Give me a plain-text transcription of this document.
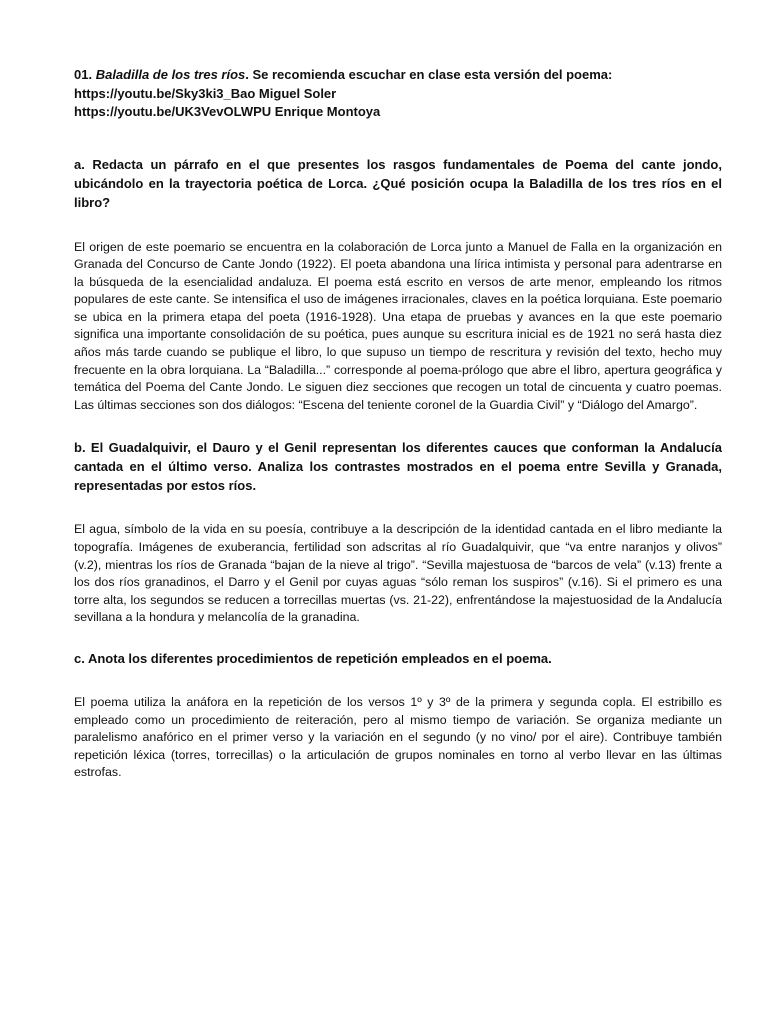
01. Baladilla de los tres ríos. Se recomienda escuchar en clase esta versión del poema:

https://youtu.be/Sky3ki3_Bao Miguel Soler

https://youtu.be/UK3VevOLWPU Enrique Montoya

a. Redacta un párrafo en el que presentes los rasgos fundamentales de Poema del cante jondo, ubicándolo en la trayectoria poética de Lorca. ¿Qué posición ocupa la Baladilla de los tres ríos en el libro?

El origen de este poemario se encuentra en la colaboración de Lorca junto a Manuel de Falla en la organización en Granada del Concurso de Cante Jondo (1922). El poeta abandona una lírica intimista y personal para adentrarse en la búsqueda de la esencialidad andaluza. El poema está escrito en versos de arte menor, empleando los ritmos populares de este cante. Se intensifica el uso de imágenes irracionales, claves en la poética lorquiana. Este poemario se ubica en la primera etapa del poeta (1916-1928). Una etapa de pruebas y avances en la que este poemario significa una importante consolidación de su poética, pues aunque su escritura inicial es de 1921 no será hasta diez años más tarde cuando se publique el libro, lo que supuso un tiempo de rescritura y revisión del texto, hecho muy frecuente en la obra lorquiana. La “Baladilla...” corresponde al poema-prólogo que abre el libro, apertura geográfica y temática del Poema del Cante Jondo. Le siguen diez secciones que recogen un total de cincuenta y cuatro poemas. Las últimas secciones son dos diálogos: “Escena del teniente coronel de la Guardia Civil” y “Diálogo del Amargo”.

b. El Guadalquivir, el Dauro y el Genil representan los diferentes cauces que conforman la Andalucía cantada en el último verso. Analiza los contrastes mostrados en el poema entre Sevilla y Granada, representadas por estos ríos.

El agua, símbolo de la vida en su poesía, contribuye a la descripción de la identidad cantada en el libro mediante la topografía. Imágenes de exuberancia, fertilidad son adscritas al río Guadalquivir, que “va entre naranjos y olivos” (v.2), mientras los ríos de Granada “bajan de la nieve al trigo”. “Sevilla majestuosa de “barcos de vela” (v.13) frente a los dos ríos granadinos, el Darro y el Genil por cuyas aguas “sólo reman los suspiros” (v.16). Si el primero es una torre alta, los segundos se reducen a torrecillas muertas (vs. 21-22), enfrentándose la majestuosidad de la Andalucía sevillana a la hondura y melancolía de la granadina.

c. Anota los diferentes procedimientos de repetición empleados en el poema.

El poema utiliza la anáfora en la repetición de los versos 1º y 3º de la primera y segunda copla. El estribillo es empleado como un procedimiento de reiteración, pero al mismo tiempo de variación. Se organiza mediante un paralelismo anafórico en el primer verso y la variación en el segundo (y no vino/ por el aire). Contribuye también repetición léxica (torres, torrecillas) o la articulación de grupos nominales en torno al verbo llevar en las últimas estrofas.
